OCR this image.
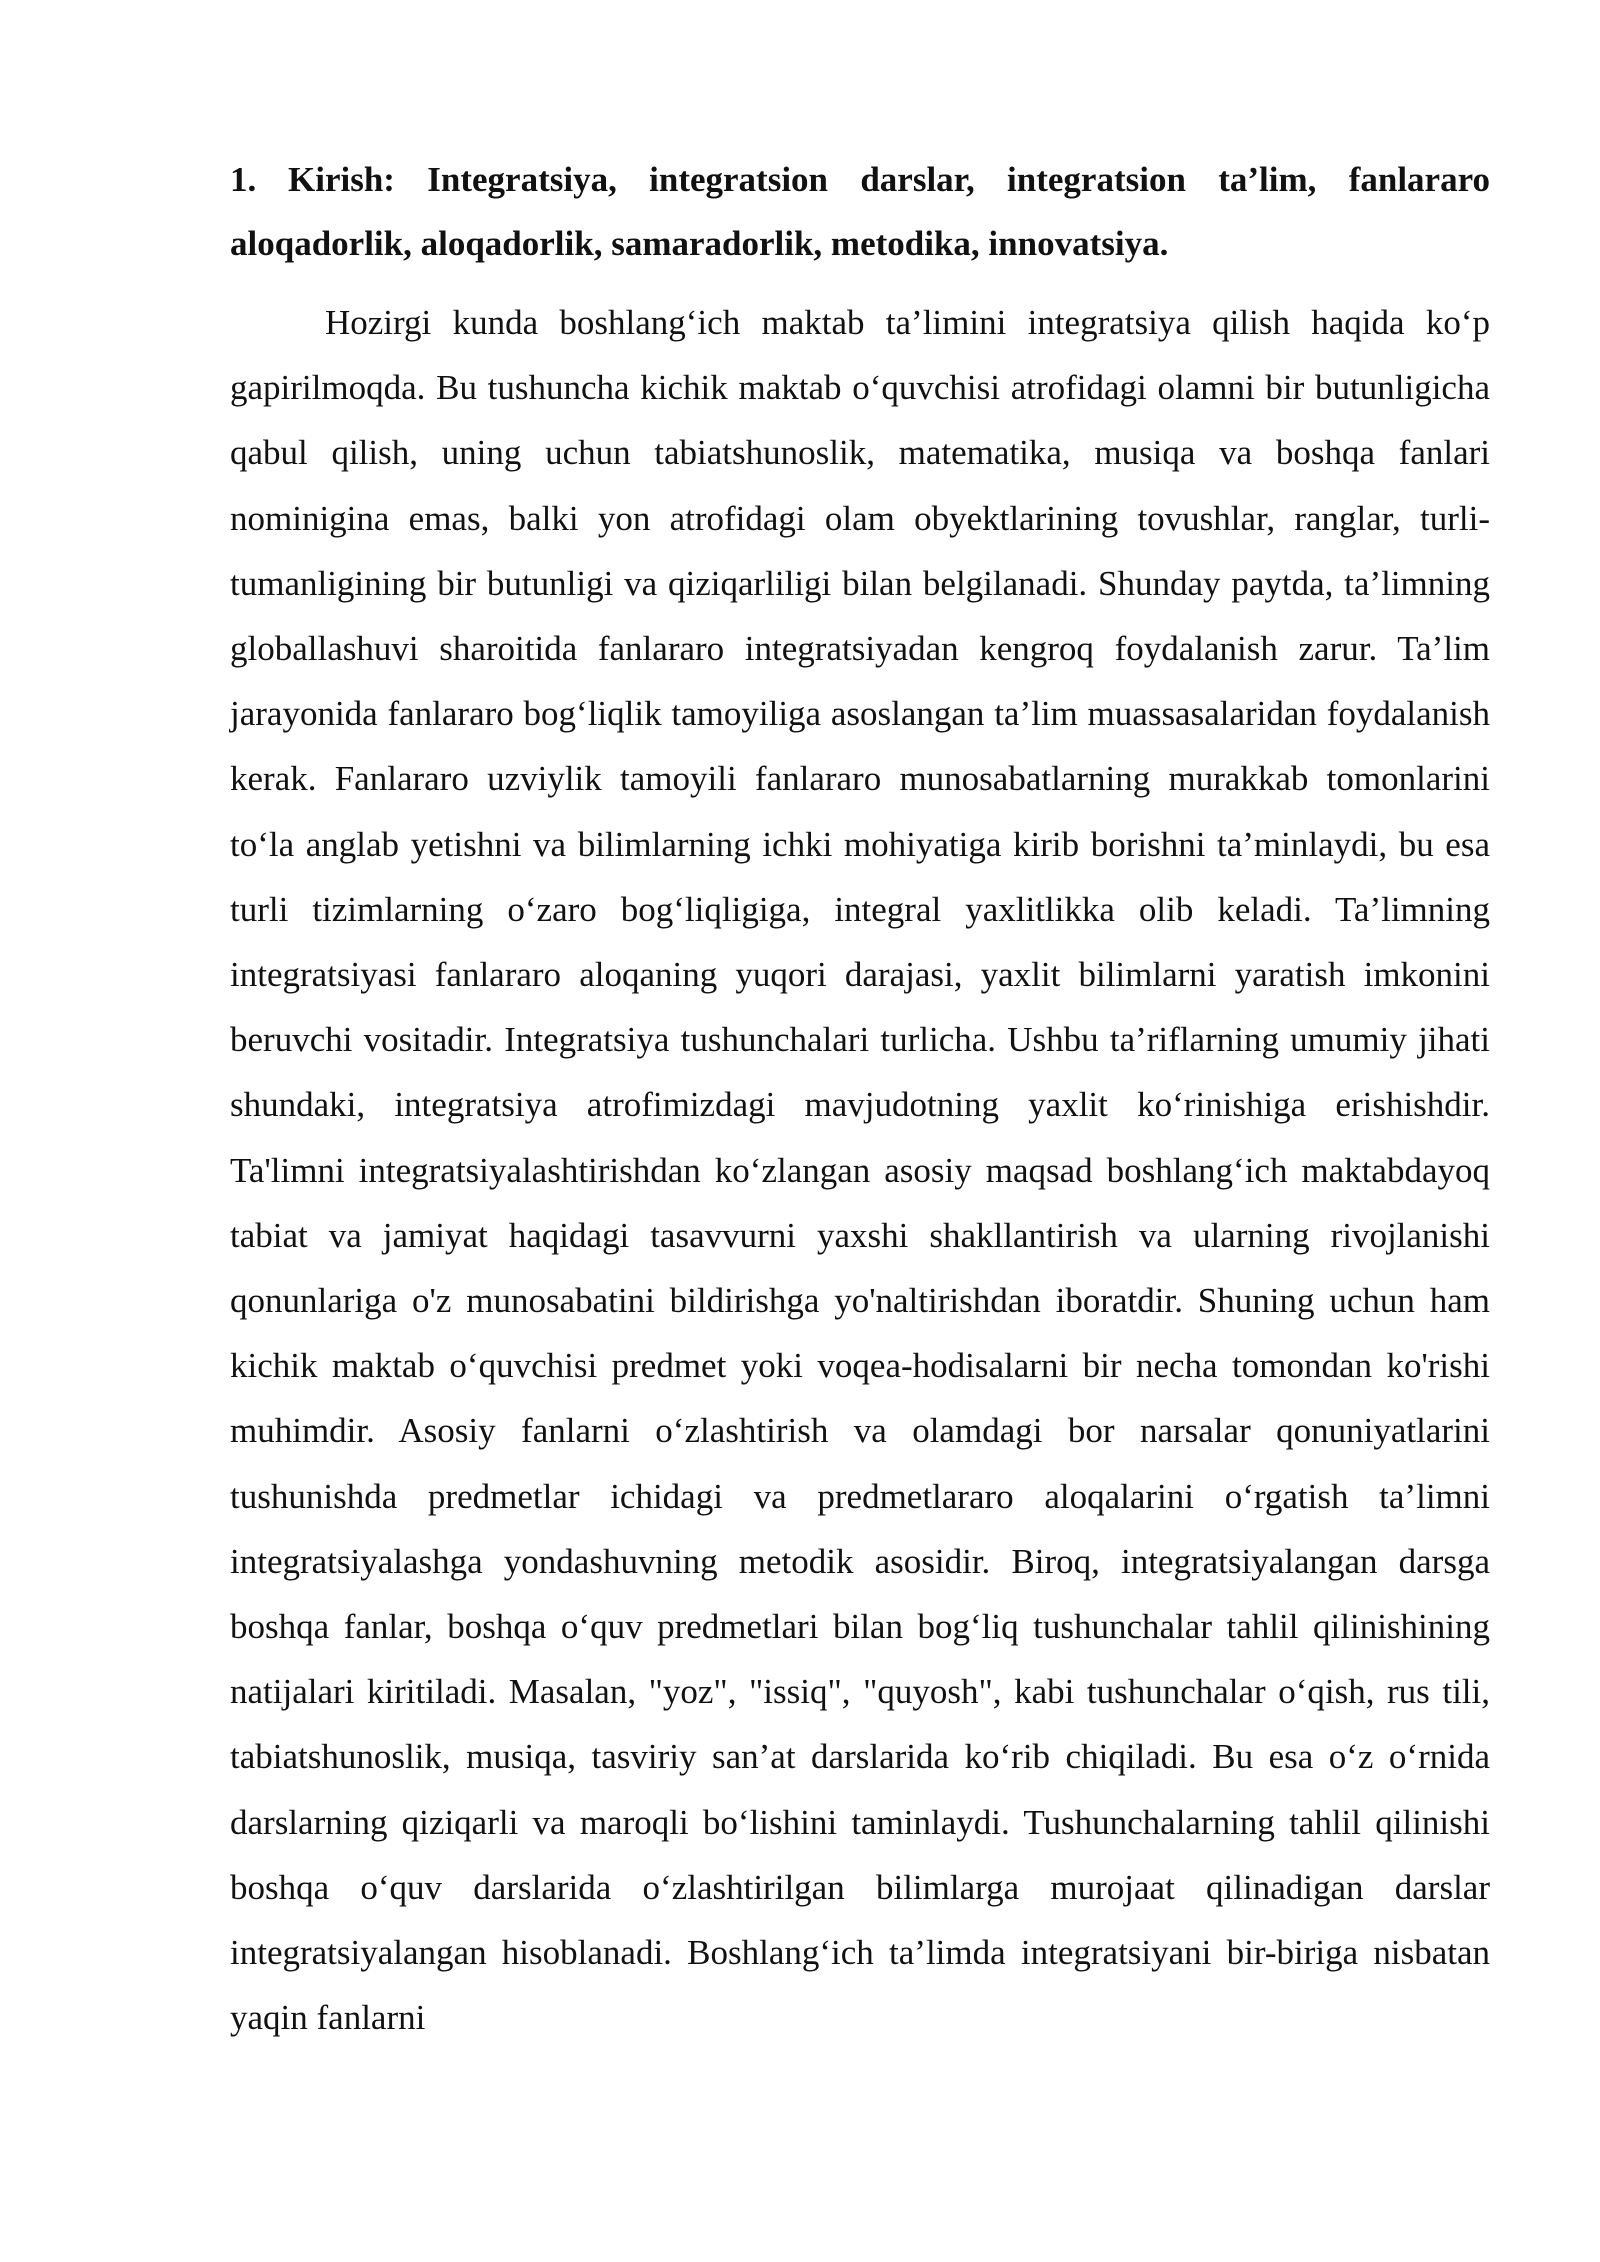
1. Kirish: Integratsiya, integratsion darslar, integratsion ta’lim, fanlararo aloqadorlik, aloqadorlik, samaradorlik, metodika, innovatsiya.

Hozirgi kunda boshlang‘ich maktab ta’limini integratsiya qilish haqida ko‘p gapirilmoqda. Bu tushuncha kichik maktab o‘quvchisi atrofidagi olamni bir butunligicha qabul qilish, uning uchun tabiatshunoslik, matematika, musiqa va boshqa fanlari nominigina emas, balki yon atrofidagi olam obyektlarining tovushlar, ranglar, turli-tumanligining bir butunligi va qiziqarliligi bilan belgilanadi. Shunday paytda, ta’limning globallashuvi sharoitida fanlararo integratsiyadan kengroq foydalanish zarur. Ta’lim jarayonida fanlararo bog‘liqlik tamoyiliga asoslangan ta’lim muassasalaridan foydalanish kerak. Fanlararo uzviylik tamoyili fanlararo munosabatlarning murakkab tomonlarini to‘la anglab yetishni va bilimlarning ichki mohiyatiga kirib borishni ta’minlaydi, bu esa turli tizimlarning o‘zaro bog‘liqligiga, integral yaxlitlikka olib keladi. Ta’limning integratsiyasi fanlararo aloqaning yuqori darajasi, yaxlit bilimlarni yaratish imkonini beruvchi vositadir. Integratsiya tushunchalari turlicha. Ushbu ta’riflarning umumiy jihati shundaki, integratsiya atrofimizdagi mavjudotning yaxlit ko‘rinishiga erishishdir. Ta'limni integratsiyalashtirishdan ko‘zlangan asosiy maqsad boshlang‘ich maktabdayoq tabiat va jamiyat haqidagi tasavvurni yaxshi shakllantirish va ularning rivojlanishi qonunlariga o'z munosabatini bildirishga yo'naltirishdan iboratdir. Shuning uchun ham kichik maktab o‘quvchisi predmet yoki voqea-hodisalarni bir necha tomondan ko'rishi muhimdir. Asosiy fanlarni o‘zlashtirish va olamdagi bor narsalar qonuniyatlarini tushunishda predmetlar ichidagi va predmetlararo aloqalarini o‘rgatish ta’limni integratsiyalashga yondashuvning metodik asosidir. Biroq, integratsiyalangan darsga boshqa fanlar, boshqa o‘quv predmetlari bilan bog‘liq tushunchalar tahlil qilinishining natijalari kiritiladi. Masalan, "yoz", "issiq", "quyosh", kabi tushunchalar o‘qish, rus tili, tabiatshunoslik, musiqa, tasviriy san’at darslarida ko‘rib chiqiladi. Bu esa o‘z o‘rnida darslarning qiziqarli va maroqli bo‘lishini taminlaydi. Tushunchalarning tahlil qilinishi boshqa o‘quv darslarida o‘zlashtirilgan bilimlarga murojaat qilinadigan darslar integratsiyalangan hisoblanadi. Boshlang‘ich ta’limda integratsiyani bir-biriga nisbatan yaqin fanlarni
